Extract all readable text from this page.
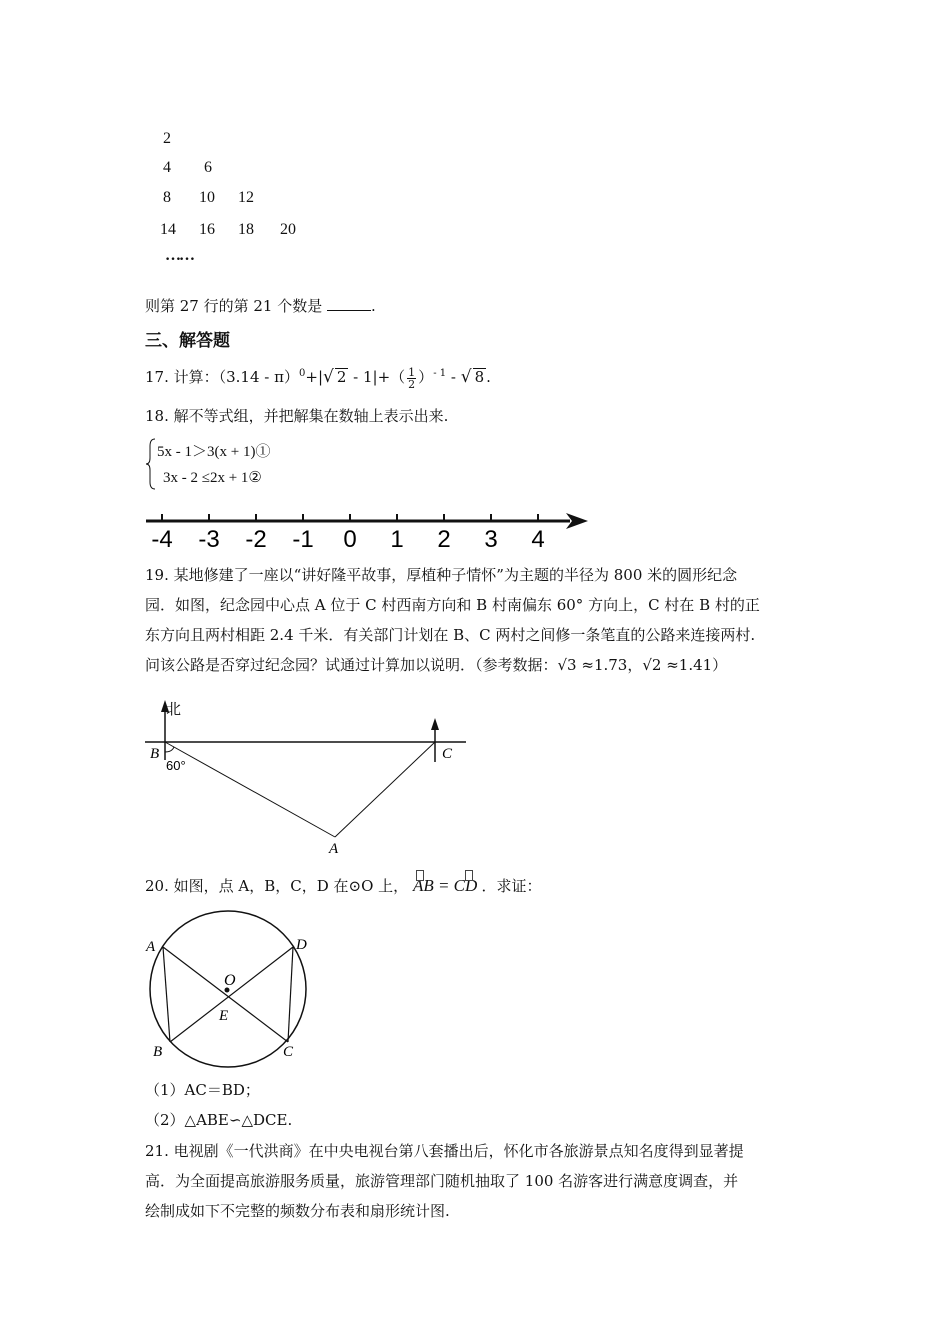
2
4 6
8 10 12
14 16 18 20
……
则第 27 行的第 21 个数是	.
三、解答题
17. 计算：（3.14 - π）$^0$+|√ $2 - 1|+( \frac{1}{2} )^{- 1}$ - √ 8 .
18. 解不等式组，并把解集在数轴上表示出来.
5x - 1＞3(x + 1)①
3x - 2 ≤2x + 1②
-4 -3 -2 -1 0 1 2 3 4
19. 某地修建了一座以“讲好隆平故事，厚植种子情怀”为主题的半径为 800 米的圆形纪念
园．如图，纪念园中心点 A 位于 C 村西南方向和 B 村南偏东 60° 方向上，C 村在 B 村的正
东方向且两村相距 2.4 千米．有关部门计划在 B、C 两村之间修一条笔直的公路来连接两村.
问该公路是否穿过纪念园？试通过计算加以说明．（参考数据：√3 ≈1.73，√2 ≈1.41）
北
B
60°
C
A
20. 如图，点 A，B，C，D 在⊙O 上， AB = CD ．求证：
A	D
O
E
B	C
（1）AC＝BD；
（2）△ABE∽△DCE.
21. 电视剧《一代洪商》在中央电视台第八套播出后，怀化市各旅游景点知名度得到显著提
高．为全面提高旅游服务质量，旅游管理部门随机抽取了 100 名游客进行满意度调查，并
绘制成如下不完整的频数分布表和扇形统计图.
